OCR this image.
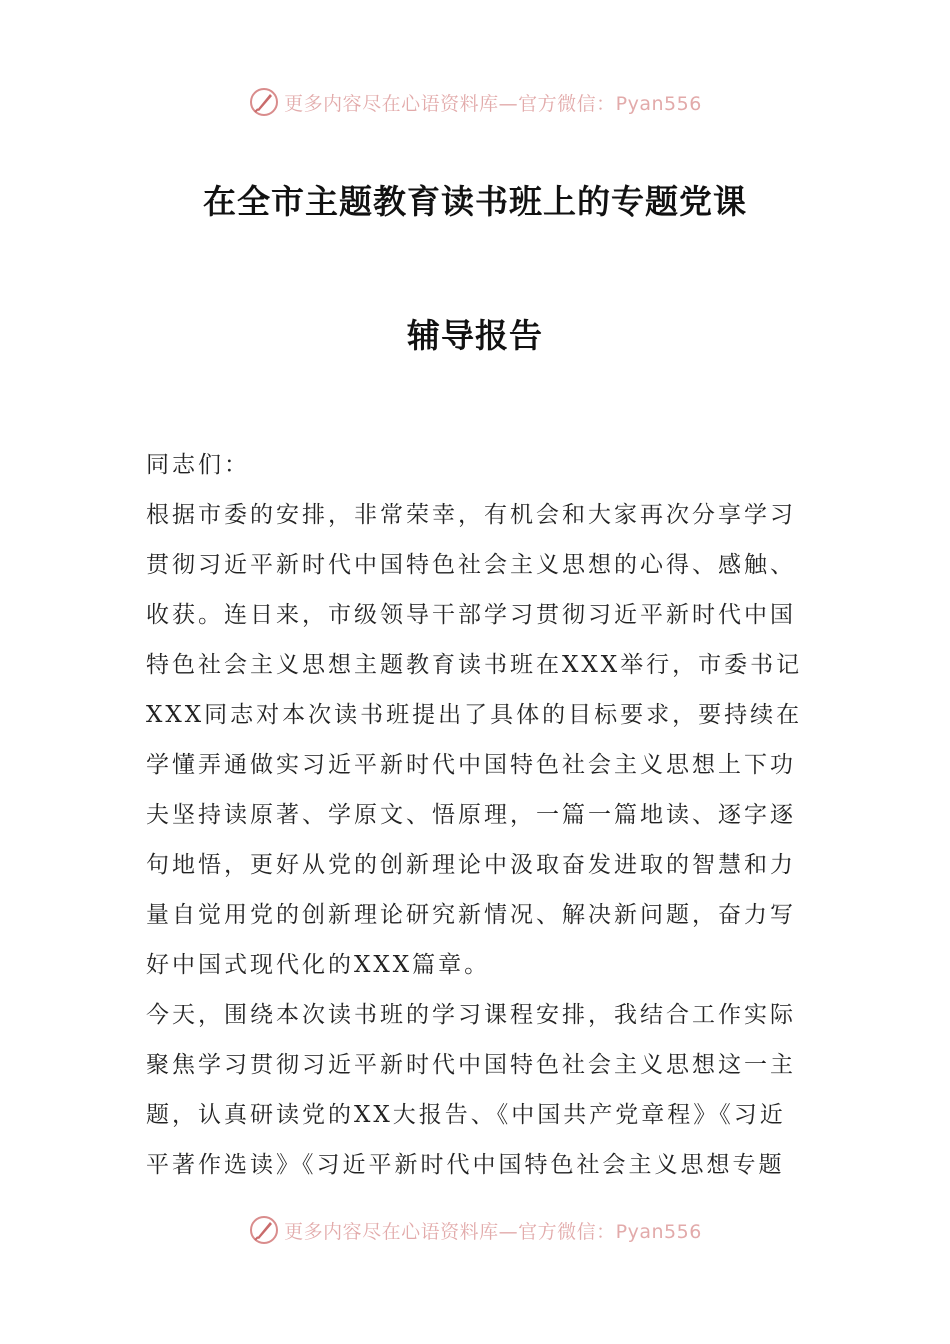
更多内容尽在心语资料库—官方微信：Pyan556
在全市主题教育读书班上的专题党课
辅导报告

同志们：

根据市委的安排，非常荣幸，有机会和大家再次分享学习贯彻习近平新时代中国特色社会主义思想的心得、感触、收获。连日来，市级领导干部学习贯彻习近平新时代中国特色社会主义思想主题教育读书班在XXX举行，市委书记XXX同志对本次读书班提出了具体的目标要求，要持续在学懂弄通做实习近平新时代中国特色社会主义思想上下功夫坚持读原著、学原文、悟原理，一篇一篇地读、逐字逐句地悟，更好从党的创新理论中汲取奋发进取的智慧和力量自觉用党的创新理论研究新情况、解决新问题，奋力写好中国式现代化的XXX篇章。

今天，围绕本次读书班的学习课程安排，我结合工作实际聚焦学习贯彻习近平新时代中国特色社会主义思想这一主题，认真研读党的XX大报告、《中国共产党章程》《习近平著作选读》《习近平新时代中国特色社会主义思想专题

更多内容尽在心语资料库—官方微信：Pyan556
